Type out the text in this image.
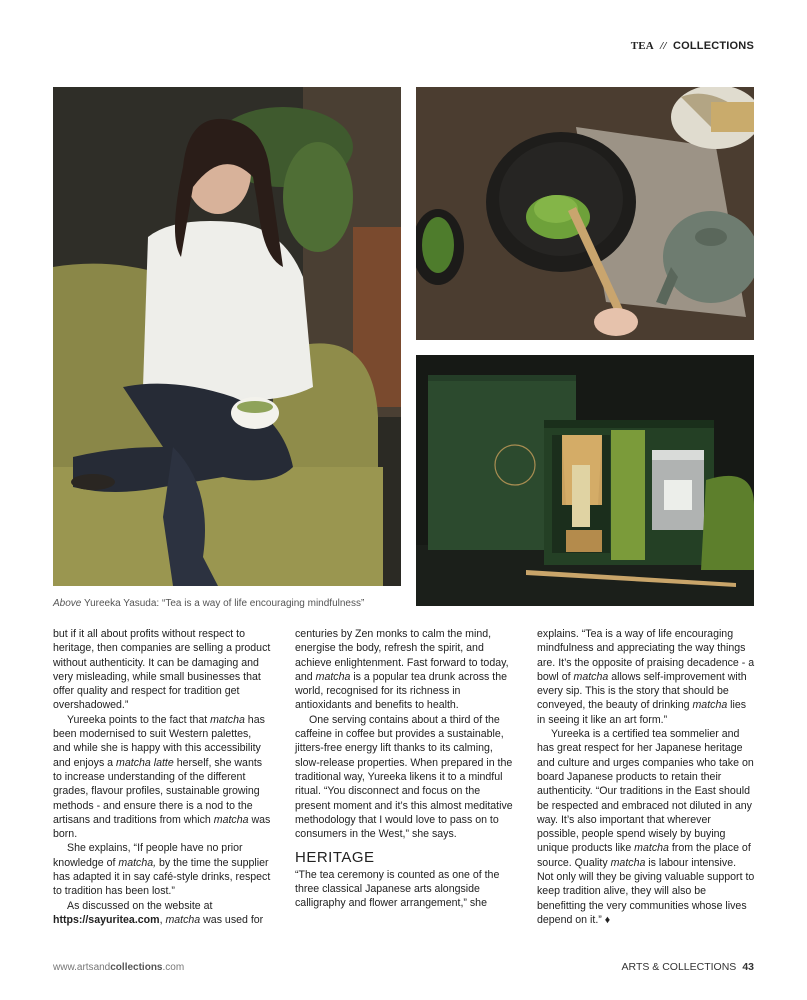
TEA // COLLECTIONS
Above Yureeka Yasuda: “Tea is a way of life encouraging mindfulness”

but if it all about profits without respect to heritage, then companies are selling a product without authenticity. It can be damaging and very misleading, while small businesses that offer quality and respect for tradition get overshadowed.”

Yureeka points to the fact that matcha has been modernised to suit Western palettes, and while she is happy with this accessibility and enjoys a matcha latte herself, she wants to increase understanding of the different grades, flavour profiles, sustainable growing methods - and ensure there is a nod to the artisans and traditions from which matcha was born.

She explains, “If people have no prior knowledge of matcha, by the time the supplier has adapted it in say café-style drinks, respect to tradition has been lost.”

As discussed on the website at https://sayuritea.com, matcha was used for

centuries by Zen monks to calm the mind, energise the body, refresh the spirit, and achieve enlightenment. Fast forward to today, and matcha is a popular tea drunk across the world, recognised for its richness in antioxidants and benefits to health.

One serving contains about a third of the caffeine in coffee but provides a sustainable, jitters-free energy lift thanks to its calming, slow-release properties. When prepared in the traditional way, Yureeka likens it to a mindful ritual. “You disconnect and focus on the present moment and it’s this almost meditative methodology that I would love to pass on to consumers in the West,” she says.

HERITAGE

“The tea ceremony is counted as one of the three classical Japanese arts alongside calligraphy and flower arrangement,” she

explains. “Tea is a way of life encouraging mindfulness and appreciating the way things are. It’s the opposite of praising decadence - a bowl of matcha allows self-improvement with every sip. This is the story that should be conveyed, the beauty of drinking matcha lies in seeing it like an art form.”

Yureeka is a certified tea sommelier and has great respect for her Japanese heritage and culture and urges companies who take on board Japanese products to retain their authenticity. “Our traditions in the East should be respected and embraced not diluted in any way. It’s also important that wherever possible, people spend wisely by buying unique products like matcha from the place of source. Quality matcha is labour intensive. Not only will they be giving valuable support to keep tradition alive, they will also be benefitting the very communities whose lives depend on it.” ♦

www.artsandcollections.com	ARTS & COLLECTIONS 43
